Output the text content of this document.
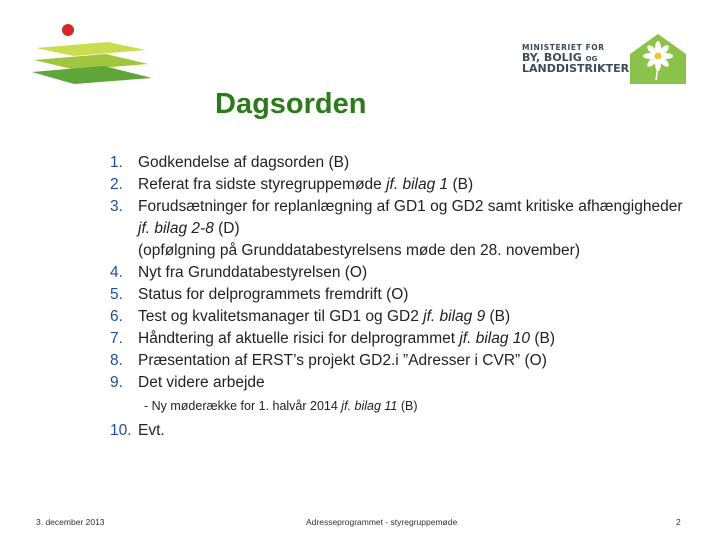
MINISTERIET FOR
BY, BOLIG OG
LANDDISTRIKTER
Dagsorden
1. Godkendelse af dagsorden (B)
2. Referat fra sidste styregruppemøde jf. bilag 1 (B)
3. Forudsætninger for replanlægning af GD1 og GD2 samt kritiske afhængigheder jf. bilag 2-8 (D)
(opfølgning på Grunddatabestyrelsens møde den 28. november)
4. Nyt fra Grunddatabestyrelsen (O)
5. Status for delprogrammets fremdrift (O)
6. Test og kvalitetsmanager til GD1 og GD2 jf. bilag 9 (B)
7. Håndtering af aktuelle risici for delprogrammet jf. bilag 10 (B)
8. Præsentation af ERST’s projekt GD2.i ”Adresser i CVR” (O)
9. Det videre arbejde
- Ny møderække for 1. halvår 2014 jf. bilag 11 (B)
10. Evt.
3. december 2013	Adresseprogrammet - styregruppemøde	2
